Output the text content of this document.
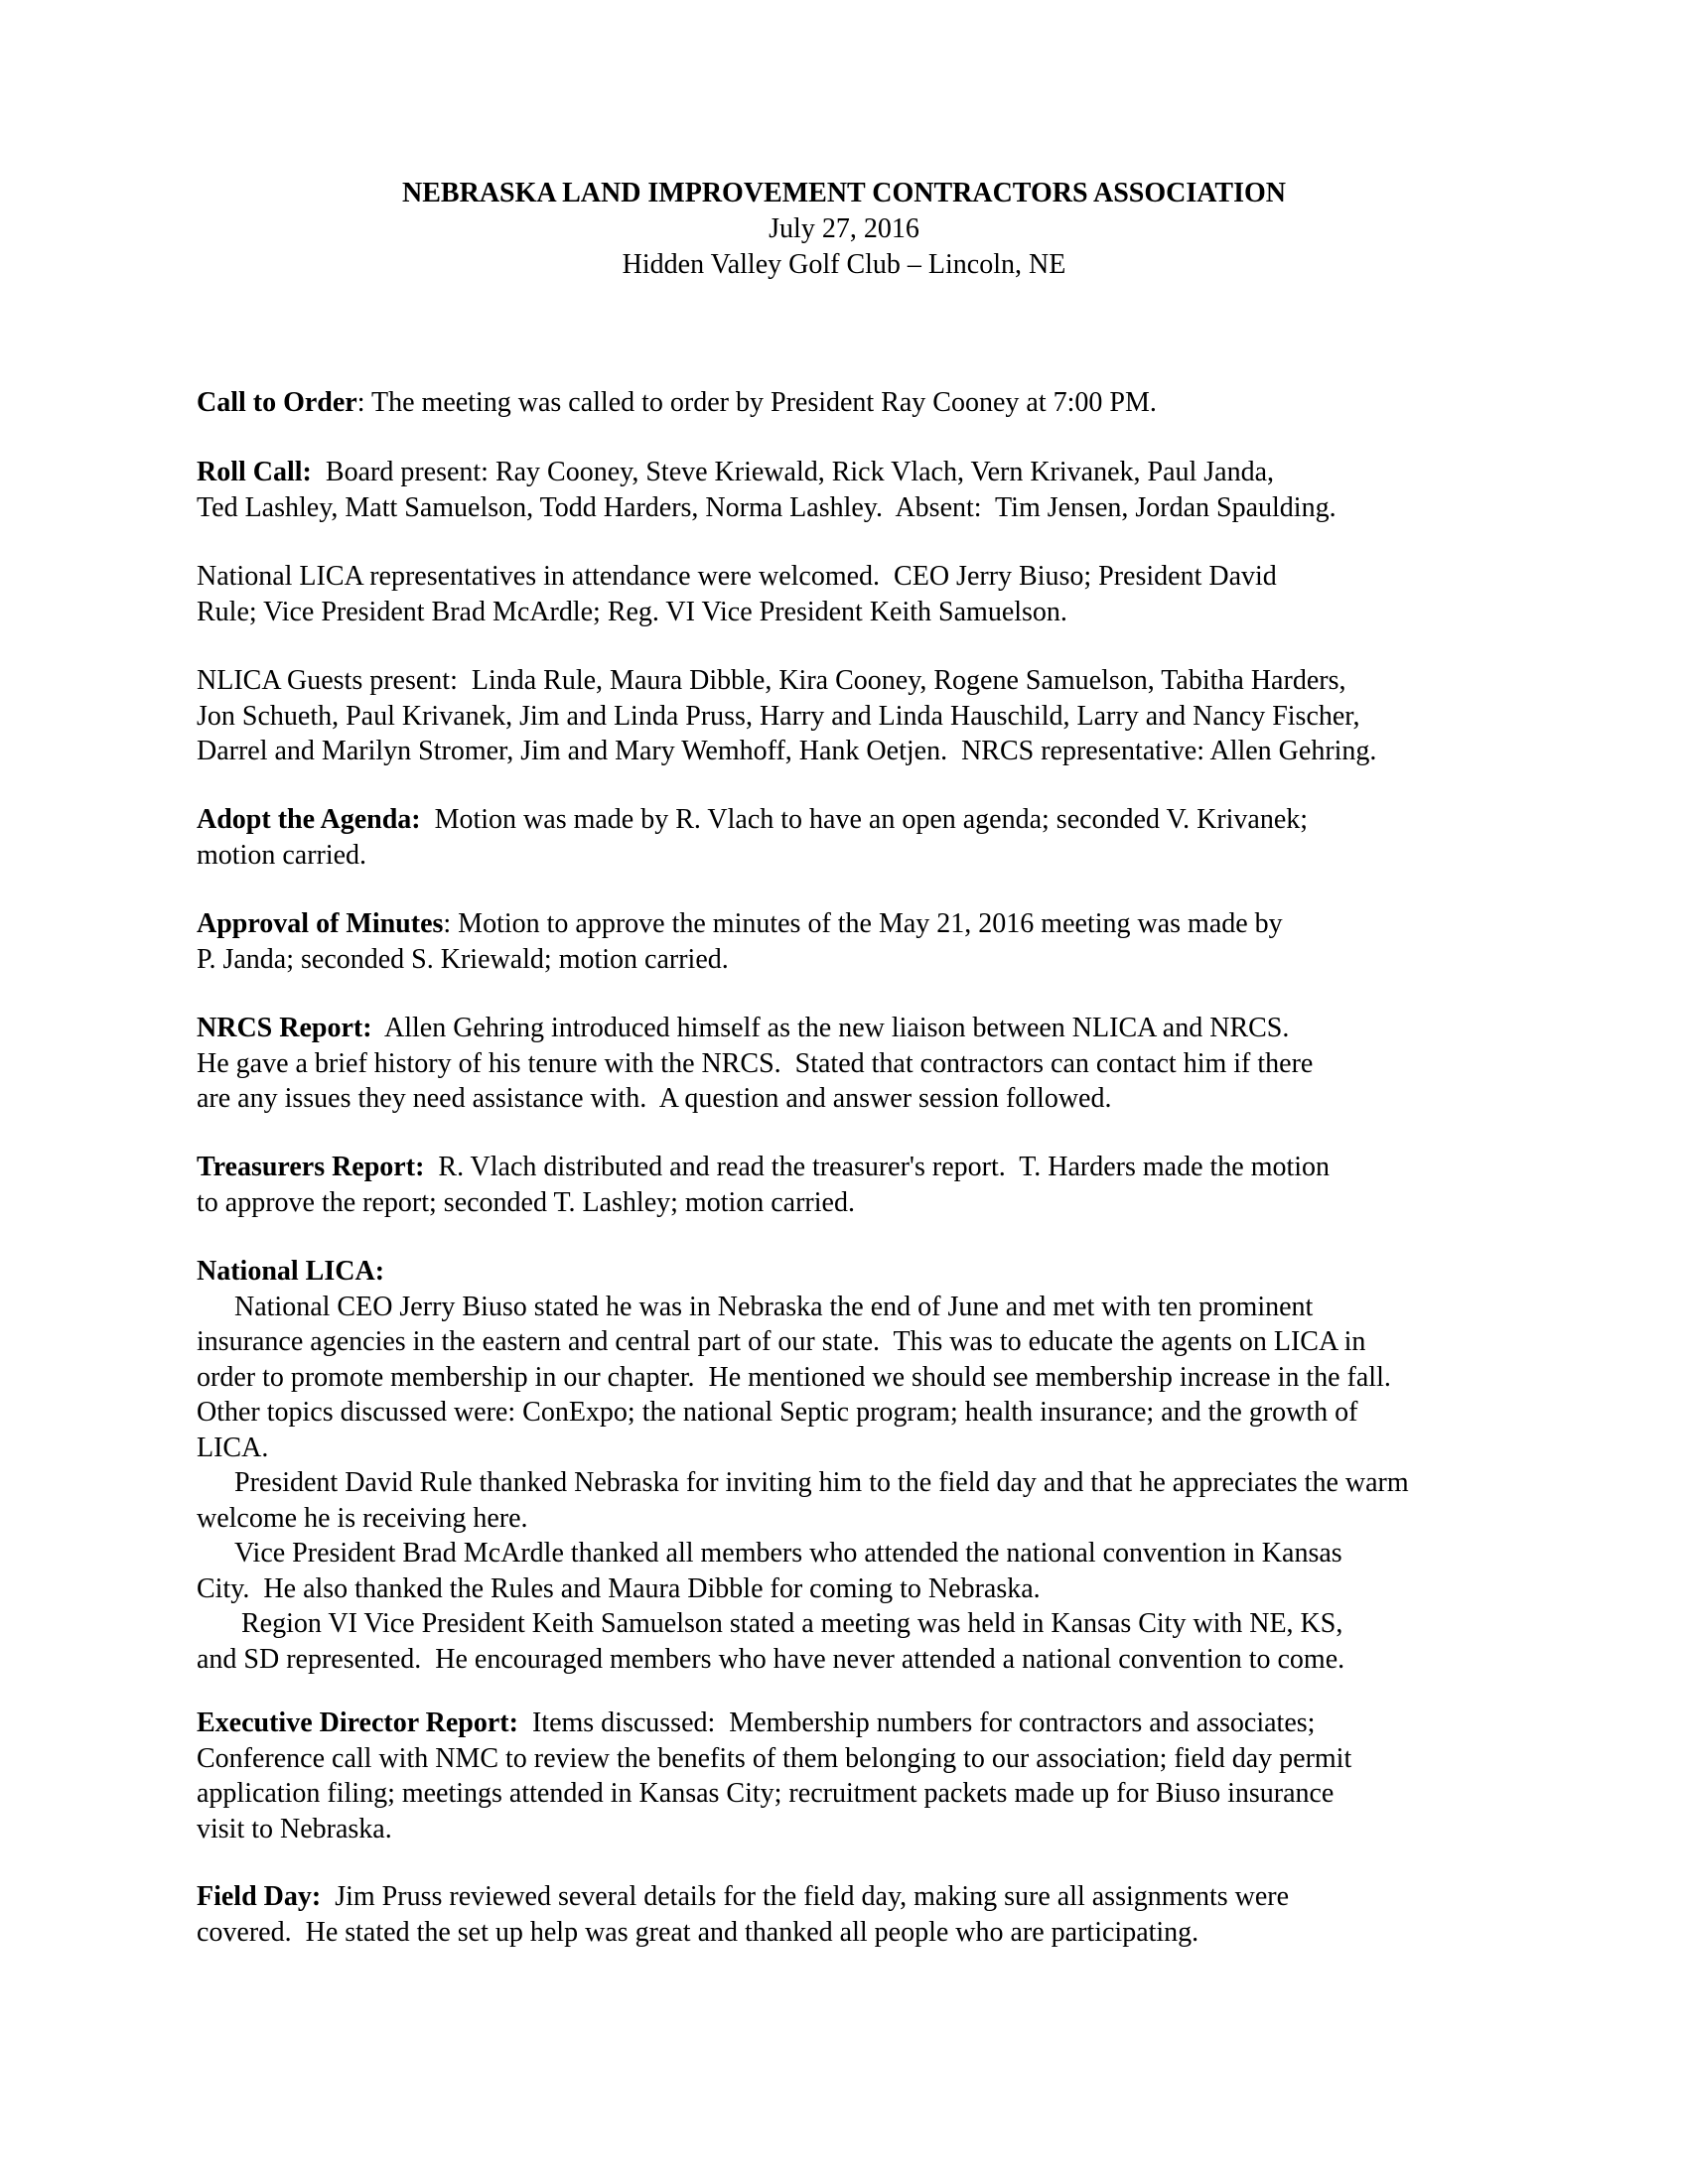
NEBRASKA LAND IMPROVEMENT CONTRACTORS ASSOCIATION
July 27, 2016
Hidden Valley Golf Club – Lincoln, NE
Call to Order: The meeting was called to order by President Ray Cooney at 7:00 PM.
Roll Call:  Board present: Ray Cooney, Steve Kriewald, Rick Vlach, Vern Krivanek, Paul Janda,
Ted Lashley, Matt Samuelson, Todd Harders, Norma Lashley.  Absent:  Tim Jensen, Jordan Spaulding.
National LICA representatives in attendance were welcomed.  CEO Jerry Biuso; President David
Rule; Vice President Brad McArdle; Reg. VI Vice President Keith Samuelson.
NLICA Guests present:  Linda Rule, Maura Dibble, Kira Cooney, Rogene Samuelson, Tabitha Harders,
Jon Schueth, Paul Krivanek, Jim and Linda Pruss, Harry and Linda Hauschild, Larry and Nancy Fischer,
Darrel and Marilyn Stromer, Jim and Mary Wemhoff, Hank Oetjen.  NRCS representative: Allen Gehring.
Adopt the Agenda:  Motion was made by R. Vlach to have an open agenda; seconded V. Krivanek;
motion carried.
Approval of Minutes: Motion to approve the minutes of the May 21, 2016 meeting was made by
P. Janda; seconded S. Kriewald; motion carried.
NRCS Report:  Allen Gehring introduced himself as the new liaison between NLICA and NRCS.
He gave a brief history of his tenure with the NRCS.  Stated that contractors can contact him if there
are any issues they need assistance with.  A question and answer session followed.
Treasurers Report:  R. Vlach distributed and read the treasurer's report.  T. Harders made the motion
to approve the report; seconded T. Lashley; motion carried.
National LICA:
National CEO Jerry Biuso stated he was in Nebraska the end of June and met with ten prominent
insurance agencies in the eastern and central part of our state.  This was to educate the agents on LICA in
order to promote membership in our chapter.  He mentioned we should see membership increase in the fall.
Other topics discussed were: ConExpo; the national Septic program; health insurance; and the growth of
LICA.
President David Rule thanked Nebraska for inviting him to the field day and that he appreciates the warm
welcome he is receiving here.
Vice President Brad McArdle thanked all members who attended the national convention in Kansas
City.  He also thanked the Rules and Maura Dibble for coming to Nebraska.
Region VI Vice President Keith Samuelson stated a meeting was held in Kansas City with NE, KS,
and SD represented.  He encouraged members who have never attended a national convention to come.
Executive Director Report:  Items discussed:  Membership numbers for contractors and associates;
Conference call with NMC to review the benefits of them belonging to our association; field day permit
application filing; meetings attended in Kansas City; recruitment packets made up for Biuso insurance
visit to Nebraska.
Field Day:  Jim Pruss reviewed several details for the field day, making sure all assignments were
covered.  He stated the set up help was great and thanked all people who are participating.
